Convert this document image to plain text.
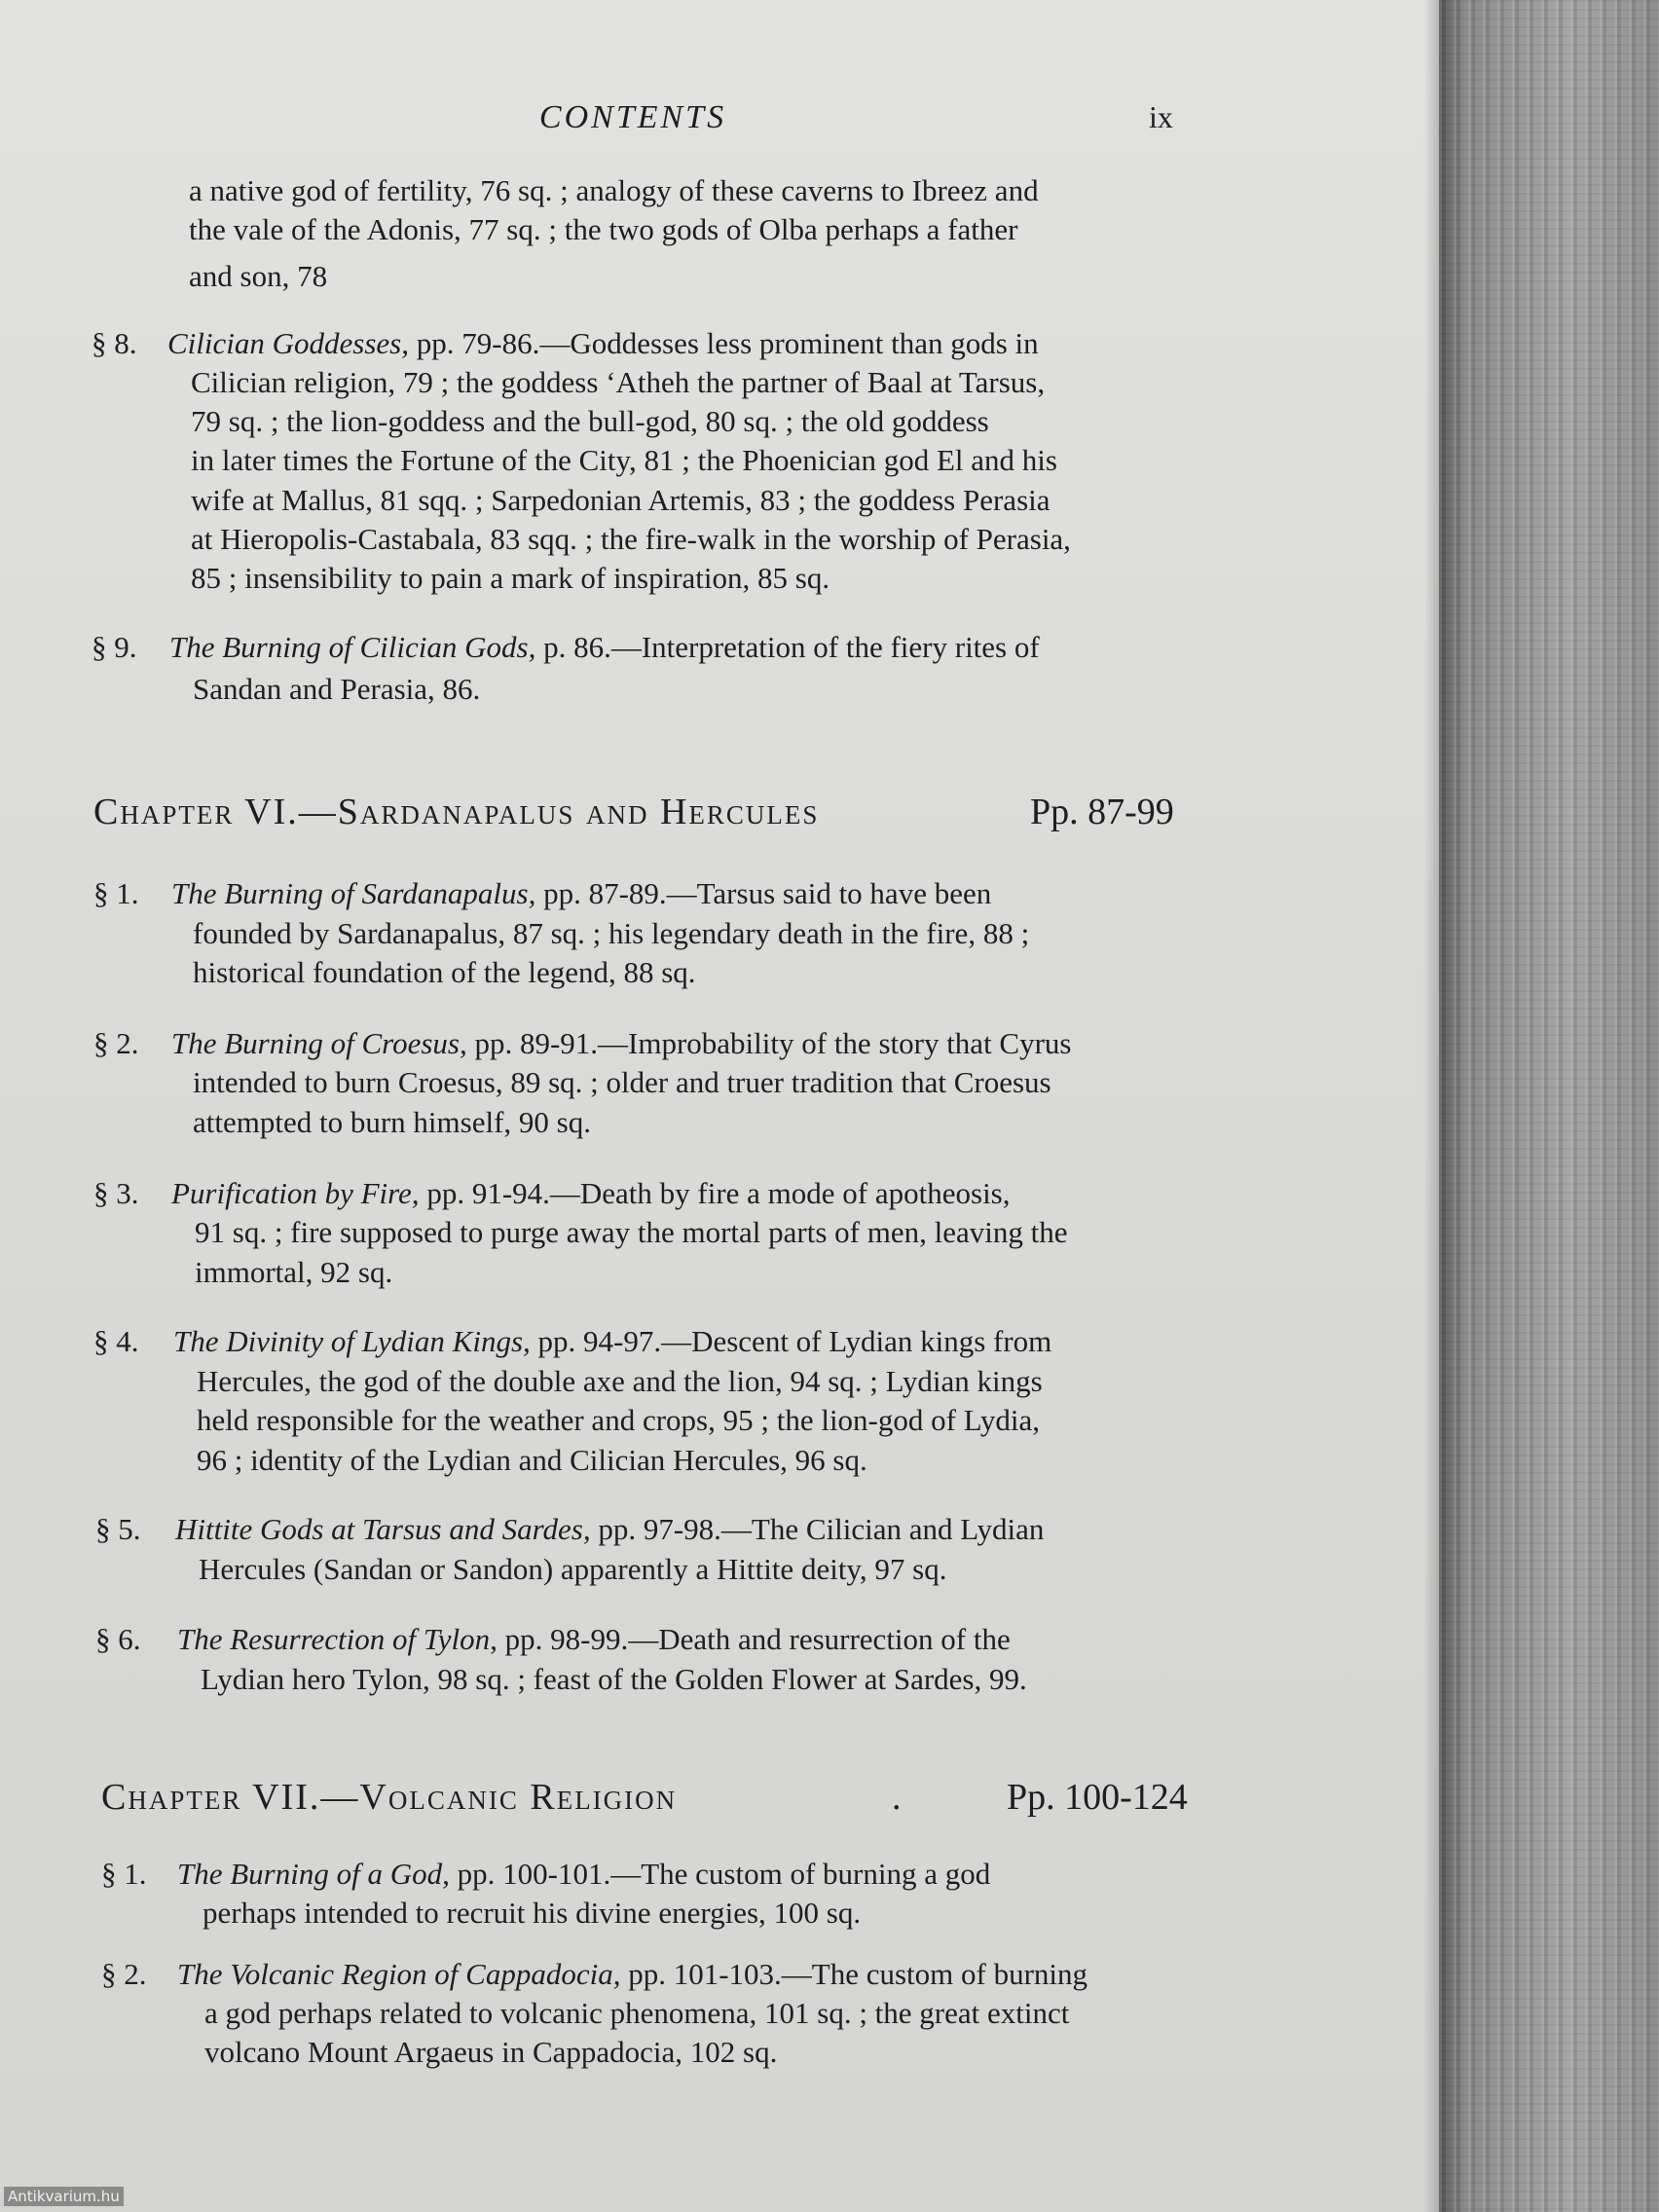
CONTENTS	ix
a native god of fertility, 76 sq. ; analogy of these caverns to Ibreez and
the vale of the Adonis, 77 sq. ; the two gods of Olba perhaps a father
and son, 78
§ 8. Cilician Goddesses, pp. 79-86.—Goddesses less prominent than gods in
Cilician religion, 79 ; the goddess ‘Atheh the partner of Baal at Tarsus,
79 sq. ; the lion-goddess and the bull-god, 80 sq. ; the old goddess
in later times the Fortune of the City, 81 ; the Phoenician god El and his
wife at Mallus, 81 sqq. ; Sarpedonian Artemis, 83 ; the goddess Perasia
at Hieropolis-Castabala, 83 sqq. ; the fire-walk in the worship of Perasia,
85 ; insensibility to pain a mark of inspiration, 85 sq.
§ 9. The Burning of Cilician Gods, p. 86.—Interpretation of the fiery rites of
Sandan and Perasia, 86.
Chapter VI.—Sardanapalus and Hercules	Pp. 87-99
§ 1. The Burning of Sardanapalus, pp. 87-89.—Tarsus said to have been
founded by Sardanapalus, 87 sq. ; his legendary death in the fire, 88 ;
historical foundation of the legend, 88 sq.
§ 2. The Burning of Croesus, pp. 89-91.—Improbability of the story that Cyrus
intended to burn Croesus, 89 sq. ; older and truer tradition that Croesus
attempted to burn himself, 90 sq.
§ 3. Purification by Fire, pp. 91-94.—Death by fire a mode of apotheosis,
91 sq. ; fire supposed to purge away the mortal parts of men, leaving the
immortal, 92 sq.
§ 4. The Divinity of Lydian Kings, pp. 94-97.—Descent of Lydian kings from
Hercules, the god of the double axe and the lion, 94 sq. ; Lydian kings
held responsible for the weather and crops, 95 ; the lion-god of Lydia,
96 ; identity of the Lydian and Cilician Hercules, 96 sq.
§ 5. Hittite Gods at Tarsus and Sardes, pp. 97-98.—The Cilician and Lydian
Hercules (Sandan or Sandon) apparently a Hittite deity, 97 sq.
§ 6. The Resurrection of Tylon, pp. 98-99.—Death and resurrection of the
Lydian hero Tylon, 98 sq. ; feast of the Golden Flower at Sardes, 99.
Chapter VII.—Volcanic Religion	.	Pp. 100-124
§ 1. The Burning of a God, pp. 100-101.—The custom of burning a god
perhaps intended to recruit his divine energies, 100 sq.
§ 2. The Volcanic Region of Cappadocia, pp. 101-103.—The custom of burning
a god perhaps related to volcanic phenomena, 101 sq. ; the great extinct
volcano Mount Argaeus in Cappadocia, 102 sq.
Antikvarium.hu
